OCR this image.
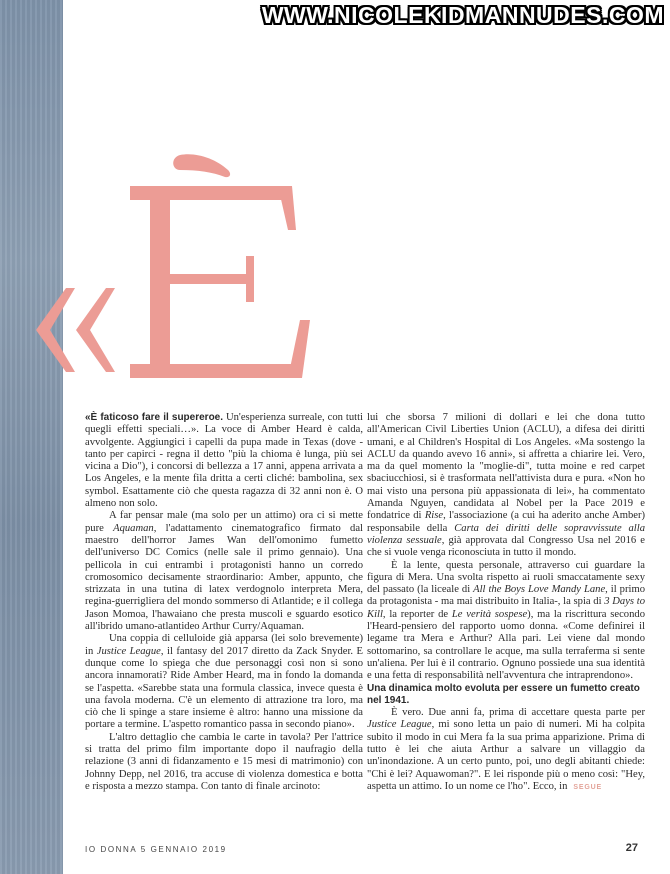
WWW.NICOLEKIDMANNUDES.COM

«È faticoso fare il supereroe. Un'esperienza surreale, con tutti quegli effetti speciali…». La voce di Amber Heard è calda, avvolgente. Aggiungici i capelli da pupa made in Texas (dove - tanto per capirci - regna il detto "più la chioma è lunga, più sei vicina a Dio"), i concorsi di bellezza a 17 anni, appena arrivata a Los Angeles, e la mente fila dritta a certi cliché: bambolina, sex symbol. Esattamente ciò che questa ragazza di 32 anni non è. O almeno non solo.

A far pensar male (ma solo per un attimo) ora ci si mette pure Aquaman, l'adattamento cinematografico firmato dal maestro dell'horror James Wan dell'omonimo fumetto dell'universo DC Comics (nelle sale il primo gennaio). Una pellicola in cui entrambi i protagonisti hanno un corredo cromosomico decisamente straordinario: Amber, appunto, che strizzata in una tutina di latex verdognolo interpreta Mera, regina-guerrigliera del mondo sommerso di Atlantide; e il collega Jason Momoa, l'hawaiano che presta muscoli e sguardo esotico all'ibrido umano-atlantideo Arthur Curry/Aquaman.

Una coppia di celluloide già apparsa (lei solo brevemente) in Justice League, il fantasy del 2017 diretto da Zack Snyder. E dunque come lo spiega che due personaggi così non si sono ancora innamorati? Ride Amber Heard, ma in fondo la domanda se l'aspetta. «Sarebbe stata una formula classica, invece questa è una favola moderna. C'è un elemento di attrazione tra loro, ma ciò che li spinge a stare insieme è altro: hanno una missione da portare a termine. L'aspetto romantico passa in secondo piano».

L'altro dettaglio che cambia le carte in tavola? Per l'attrice si tratta del primo film importante dopo il naufragio della relazione (3 anni di fidanzamento e 15 mesi di matrimonio) con Johnny Depp, nel 2016, tra accuse di violenza domestica e botta e risposta a mezzo stampa. Con tanto di finale arcinoto:

lui che sborsa 7 milioni di dollari e lei che dona tutto all'American Civil Liberties Union (ACLU), a difesa dei diritti umani, e al Children's Hospital di Los Angeles. «Ma sostengo la ACLU da quando avevo 16 anni», si affretta a chiarire lei. Vero, ma da quel momento la "moglie-di", tutta moine e red carpet sbaciucchiosi, si è trasformata nell'attivista dura e pura. «Non ho mai visto una persona più appassionata di lei», ha commentato Amanda Nguyen, candidata al Nobel per la Pace 2019 e fondatrice di Rise, l'associazione (a cui ha aderito anche Amber) responsabile della Carta dei diritti delle sopravvissute alla violenza sessuale, già approvata dal Congresso Usa nel 2016 e che si vuole venga riconosciuta in tutto il mondo.

È la lente, questa personale, attraverso cui guardare la figura di Mera. Una svolta rispetto ai ruoli smaccatamente sexy del passato (la liceale di All the Boys Love Mandy Lane, il primo da protagonista - ma mai distribuito in Italia-, la spia di 3 Days to Kill, la reporter de Le verità sospese), ma la riscrittura secondo l'Heard-pensiero del rapporto uomo donna. «Come definirei il legame tra Mera e Arthur? Alla pari. Lei viene dal mondo sottomarino, sa controllare le acque, ma sulla terraferma si sente un'aliena. Per lui è il contrario. Ognuno possiede una sua identità e una fetta di responsabilità nell'avventura che intraprendono».

Una dinamica molto evoluta per essere un fumetto creato nel 1941.

È vero. Due anni fa, prima di accettare questa parte per Justice League, mi sono letta un paio di numeri. Mi ha colpita subito il modo in cui Mera fa la sua prima apparizione. Prima di tutto è lei che aiuta Arthur a salvare un villaggio da un'inondazione. A un certo punto, poi, uno degli abitanti chiede: "Chi è lei? Aquawoman?". E lei risponde più o meno così: "Hey, aspetta un attimo. Io un nome ce l'ho". Ecco, in SEGUE

IO DONNA 5 GENNAIO 2019	27
